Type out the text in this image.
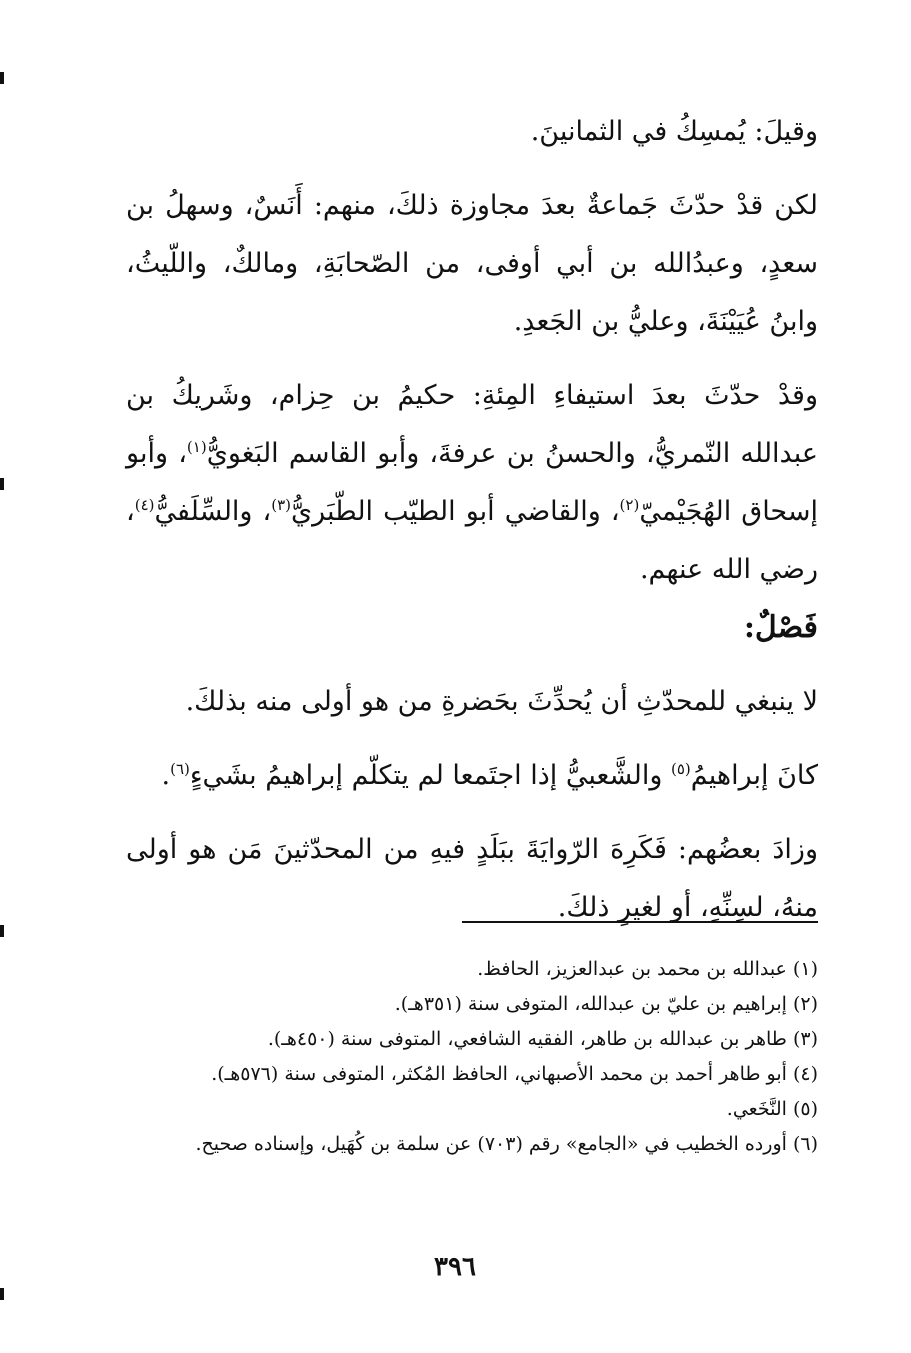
وقيلَ: يُمسِكُ في الثمانينَ.

لكن قدْ حدّثَ جَماعةٌ بعدَ مجاوزة ذلكَ، منهم: أَنَسٌ، وسهلُ بن سعدٍ، وعبدُالله بن أبي أوفى، من الصّحابَةِ، ومالكٌ، واللّيثُ، وابنُ عُيَيْنَةَ، وعليُّ بن الجَعدِ.

وقدْ حدّثَ بعدَ استيفاءِ المِئةِ: حكيمُ بن حِزام، وشَريكُ بن عبدالله النّمريُّ، والحسنُ بن عرفةَ، وأبو القاسم البَغويُّ$^{(١)}$، وأبو إسحاق الهُجَيْميّ$^{(٢)}$، والقاضي أبو الطيّب الطّبَريُّ$^{(٣)}$، والسِّلَفيُّ$^{(٤)}$، رضي الله عنهم.

فَصْلٌ:

لا ينبغي للمحدّثِ أن يُحدِّثَ بحَضرةِ من هو أولى منه بذلكَ.

كانَ إبراهيمُ$^{(٥)}$ والشَّعبيُّ إذا اجتَمعا لم يتكلّم إبراهيمُ بشَيءٍ$^{(٦)}$.

وزادَ بعضُهم: فَكَرِهَ الرّوايَةَ ببَلَدٍ فيهِ من المحدّثينَ مَن هو أولى منهُ، لسِنِّهِ، أو لغيرِ ذلكَ.

(١) عبدالله بن محمد بن عبدالعزيز، الحافظ.

(٢) إبراهيم بن عليّ بن عبدالله، المتوفى سنة (٣٥١هـ).

(٣) طاهر بن عبدالله بن طاهر، الفقيه الشافعي، المتوفى سنة (٤٥٠هـ).

(٤) أبو طاهر أحمد بن محمد الأصبهاني، الحافظ المُكثر، المتوفى سنة (٥٧٦هـ).

(٥) النَّخَعي.

(٦) أورده الخطيب في «الجامع» رقم (٧٠٣) عن سلمة بن كُهَيل، وإسناده صحيح.

٣٩٦
